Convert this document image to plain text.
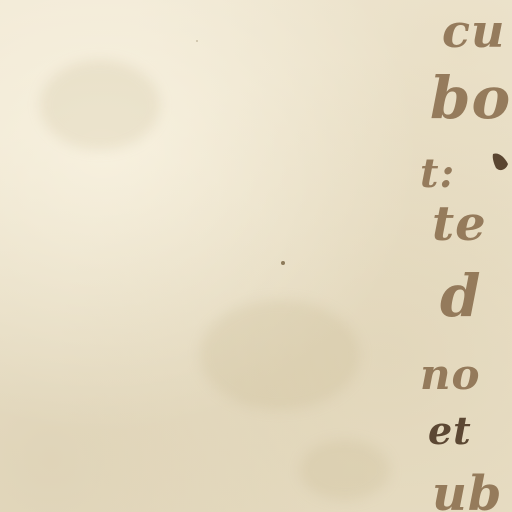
cu
bo
t:
te
d
no
et
ub
